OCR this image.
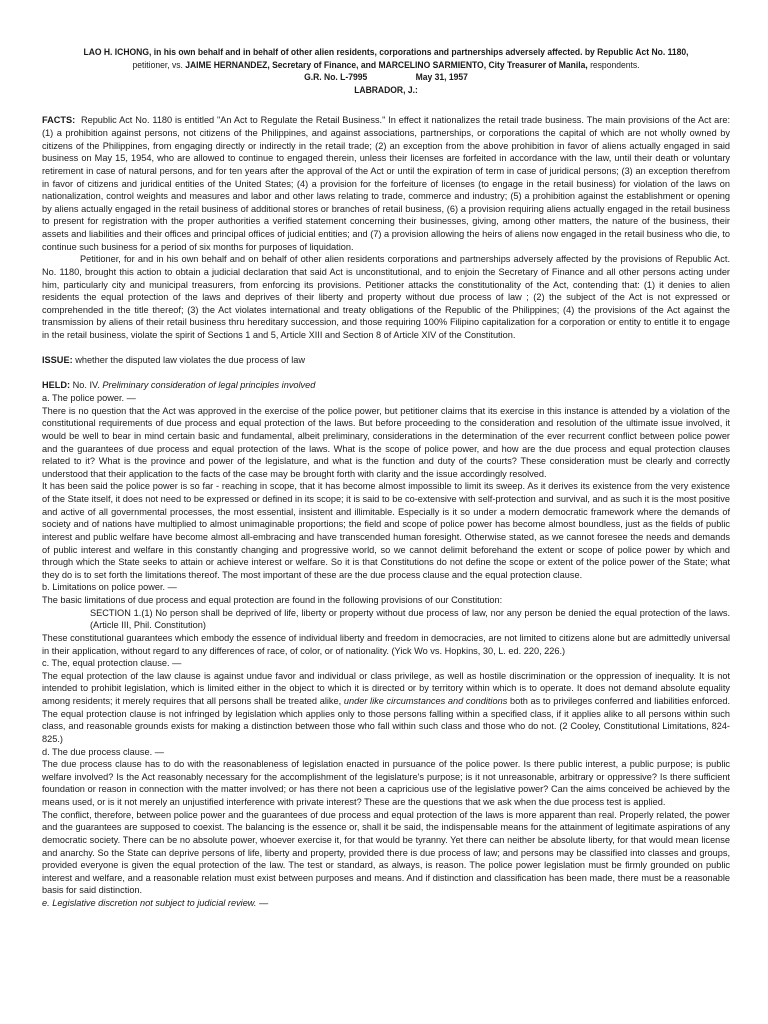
LAO H. ICHONG, in his own behalf and in behalf of other alien residents, corporations and partnerships adversely affected. by Republic Act No. 1180, petitioner, vs. JAIME HERNANDEZ, Secretary of Finance, and MARCELINO SARMIENTO, City Treasurer of Manila, respondents.
G.R. No. L-7995	May 31, 1957
LABRADOR, J.:

FACTS: Republic Act No. 1180 is entitled "An Act to Regulate the Retail Business." In effect it nationalizes the retail trade business. The main provisions of the Act are: (1) a prohibition against persons, not citizens of the Philippines, and against associations, partnerships, or corporations the capital of which are not wholly owned by citizens of the Philippines, from engaging directly or indirectly in the retail trade; (2) an exception from the above prohibition in favor of aliens actually engaged in said business on May 15, 1954, who are allowed to continue to engaged therein, unless their licenses are forfeited in accordance with the law, until their death or voluntary retirement in case of natural persons, and for ten years after the approval of the Act or until the expiration of term in case of juridical persons; (3) an exception therefrom in favor of citizens and juridical entities of the United States; (4) a provision for the forfeiture of licenses (to engage in the retail business) for violation of the laws on nationalization, control weights and measures and labor and other laws relating to trade, commerce and industry; (5) a prohibition against the establishment or opening by aliens actually engaged in the retail business of additional stores or branches of retail business, (6) a provision requiring aliens actually engaged in the retail business to present for registration with the proper authorities a verified statement concerning their businesses, giving, among other matters, the nature of the business, their assets and liabilities and their offices and principal offices of judicial entities; and (7) a provision allowing the heirs of aliens now engaged in the retail business who die, to continue such business for a period of six months for purposes of liquidation.

Petitioner, for and in his own behalf and on behalf of other alien residents corporations and partnerships adversely affected by the provisions of Republic Act. No. 1180, brought this action to obtain a judicial declaration that said Act is unconstitutional, and to enjoin the Secretary of Finance and all other persons acting under him, particularly city and municipal treasurers, from enforcing its provisions. Petitioner attacks the constitutionality of the Act, contending that: (1) it denies to alien residents the equal protection of the laws and deprives of their liberty and property without due process of law ; (2) the subject of the Act is not expressed or comprehended in the title thereof; (3) the Act violates international and treaty obligations of the Republic of the Philippines; (4) the provisions of the Act against the transmission by aliens of their retail business thru hereditary succession, and those requiring 100% Filipino capitalization for a corporation or entity to entitle it to engage in the retail business, violate the spirit of Sections 1 and 5, Article XIII and Section 8 of Article XIV of the Constitution.

ISSUE: whether the disputed law violates the due process of law

HELD: No. IV. Preliminary consideration of legal principles involved

a. The police power. —

There is no question that the Act was approved in the exercise of the police power, but petitioner claims that its exercise in this instance is attended by a violation of the constitutional requirements of due process and equal protection of the laws. But before proceeding to the consideration and resolution of the ultimate issue involved, it would be well to bear in mind certain basic and fundamental, albeit preliminary, considerations in the determination of the ever recurrent conflict between police power and the guarantees of due process and equal protection of the laws. What is the scope of police power, and how are the due process and equal protection clauses related to it? What is the province and power of the legislature, and what is the function and duty of the courts? These consideration must be clearly and correctly understood that their application to the facts of the case may be brought forth with clarity and the issue accordingly resolved.

It has been said the police power is so far - reaching in scope, that it has become almost impossible to limit its sweep. As it derives its existence from the very existence of the State itself, it does not need to be expressed or defined in its scope; it is said to be co-extensive with self-protection and survival, and as such it is the most positive and active of all governmental processes, the most essential, insistent and illimitable. Especially is it so under a modern democratic framework where the demands of society and of nations have multiplied to almost unimaginable proportions; the field and scope of police power has become almost boundless, just as the fields of public interest and public welfare have become almost all-embracing and have transcended human foresight. Otherwise stated, as we cannot foresee the needs and demands of public interest and welfare in this constantly changing and progressive world, so we cannot delimit beforehand the extent or scope of police power by which and through which the State seeks to attain or achieve interest or welfare. So it is that Constitutions do not define the scope or extent of the police power of the State; what they do is to set forth the limitations thereof. The most important of these are the due process clause and the equal protection clause.

b. Limitations on police power. —

The basic limitations of due process and equal protection are found in the following provisions of our Constitution:

SECTION 1.(1) No person shall be deprived of life, liberty or property without due process of law, nor any person be denied the equal protection of the laws. (Article III, Phil. Constitution)

These constitutional guarantees which embody the essence of individual liberty and freedom in democracies, are not limited to citizens alone but are admittedly universal in their application, without regard to any differences of race, of color, or of nationality. (Yick Wo vs. Hopkins, 30, L. ed. 220, 226.)

c. The, equal protection clause. —

The equal protection of the law clause is against undue favor and individual or class privilege, as well as hostile discrimination or the oppression of inequality. It is not intended to prohibit legislation, which is limited either in the object to which it is directed or by territory within which is to operate. It does not demand absolute equality among residents; it merely requires that all persons shall be treated alike, under like circumstances and conditions both as to privileges conferred and liabilities enforced. The equal protection clause is not infringed by legislation which applies only to those persons falling within a specified class, if it applies alike to all persons within such class, and reasonable grounds exists for making a distinction between those who fall within such class and those who do not. (2 Cooley, Constitutional Limitations, 824-825.)

d. The due process clause. —

The due process clause has to do with the reasonableness of legislation enacted in pursuance of the police power. Is there public interest, a public purpose; is public welfare involved? Is the Act reasonably necessary for the accomplishment of the legislature's purpose; is it not unreasonable, arbitrary or oppressive? Is there sufficient foundation or reason in connection with the matter involved; or has there not been a capricious use of the legislative power? Can the aims conceived be achieved by the means used, or is it not merely an unjustified interference with private interest? These are the questions that we ask when the due process test is applied.

The conflict, therefore, between police power and the guarantees of due process and equal protection of the laws is more apparent than real. Properly related, the power and the guarantees are supposed to coexist. The balancing is the essence or, shall it be said, the indispensable means for the attainment of legitimate aspirations of any democratic society. There can be no absolute power, whoever exercise it, for that would be tyranny. Yet there can neither be absolute liberty, for that would mean license and anarchy. So the State can deprive persons of life, liberty and property, provided there is due process of law; and persons may be classified into classes and groups, provided everyone is given the equal protection of the law. The test or standard, as always, is reason. The police power legislation must be firmly grounded on public interest and welfare, and a reasonable relation must exist between purposes and means. And if distinction and classification has been made, there must be a reasonable basis for said distinction.

e. Legislative discretion not subject to judicial review. —
